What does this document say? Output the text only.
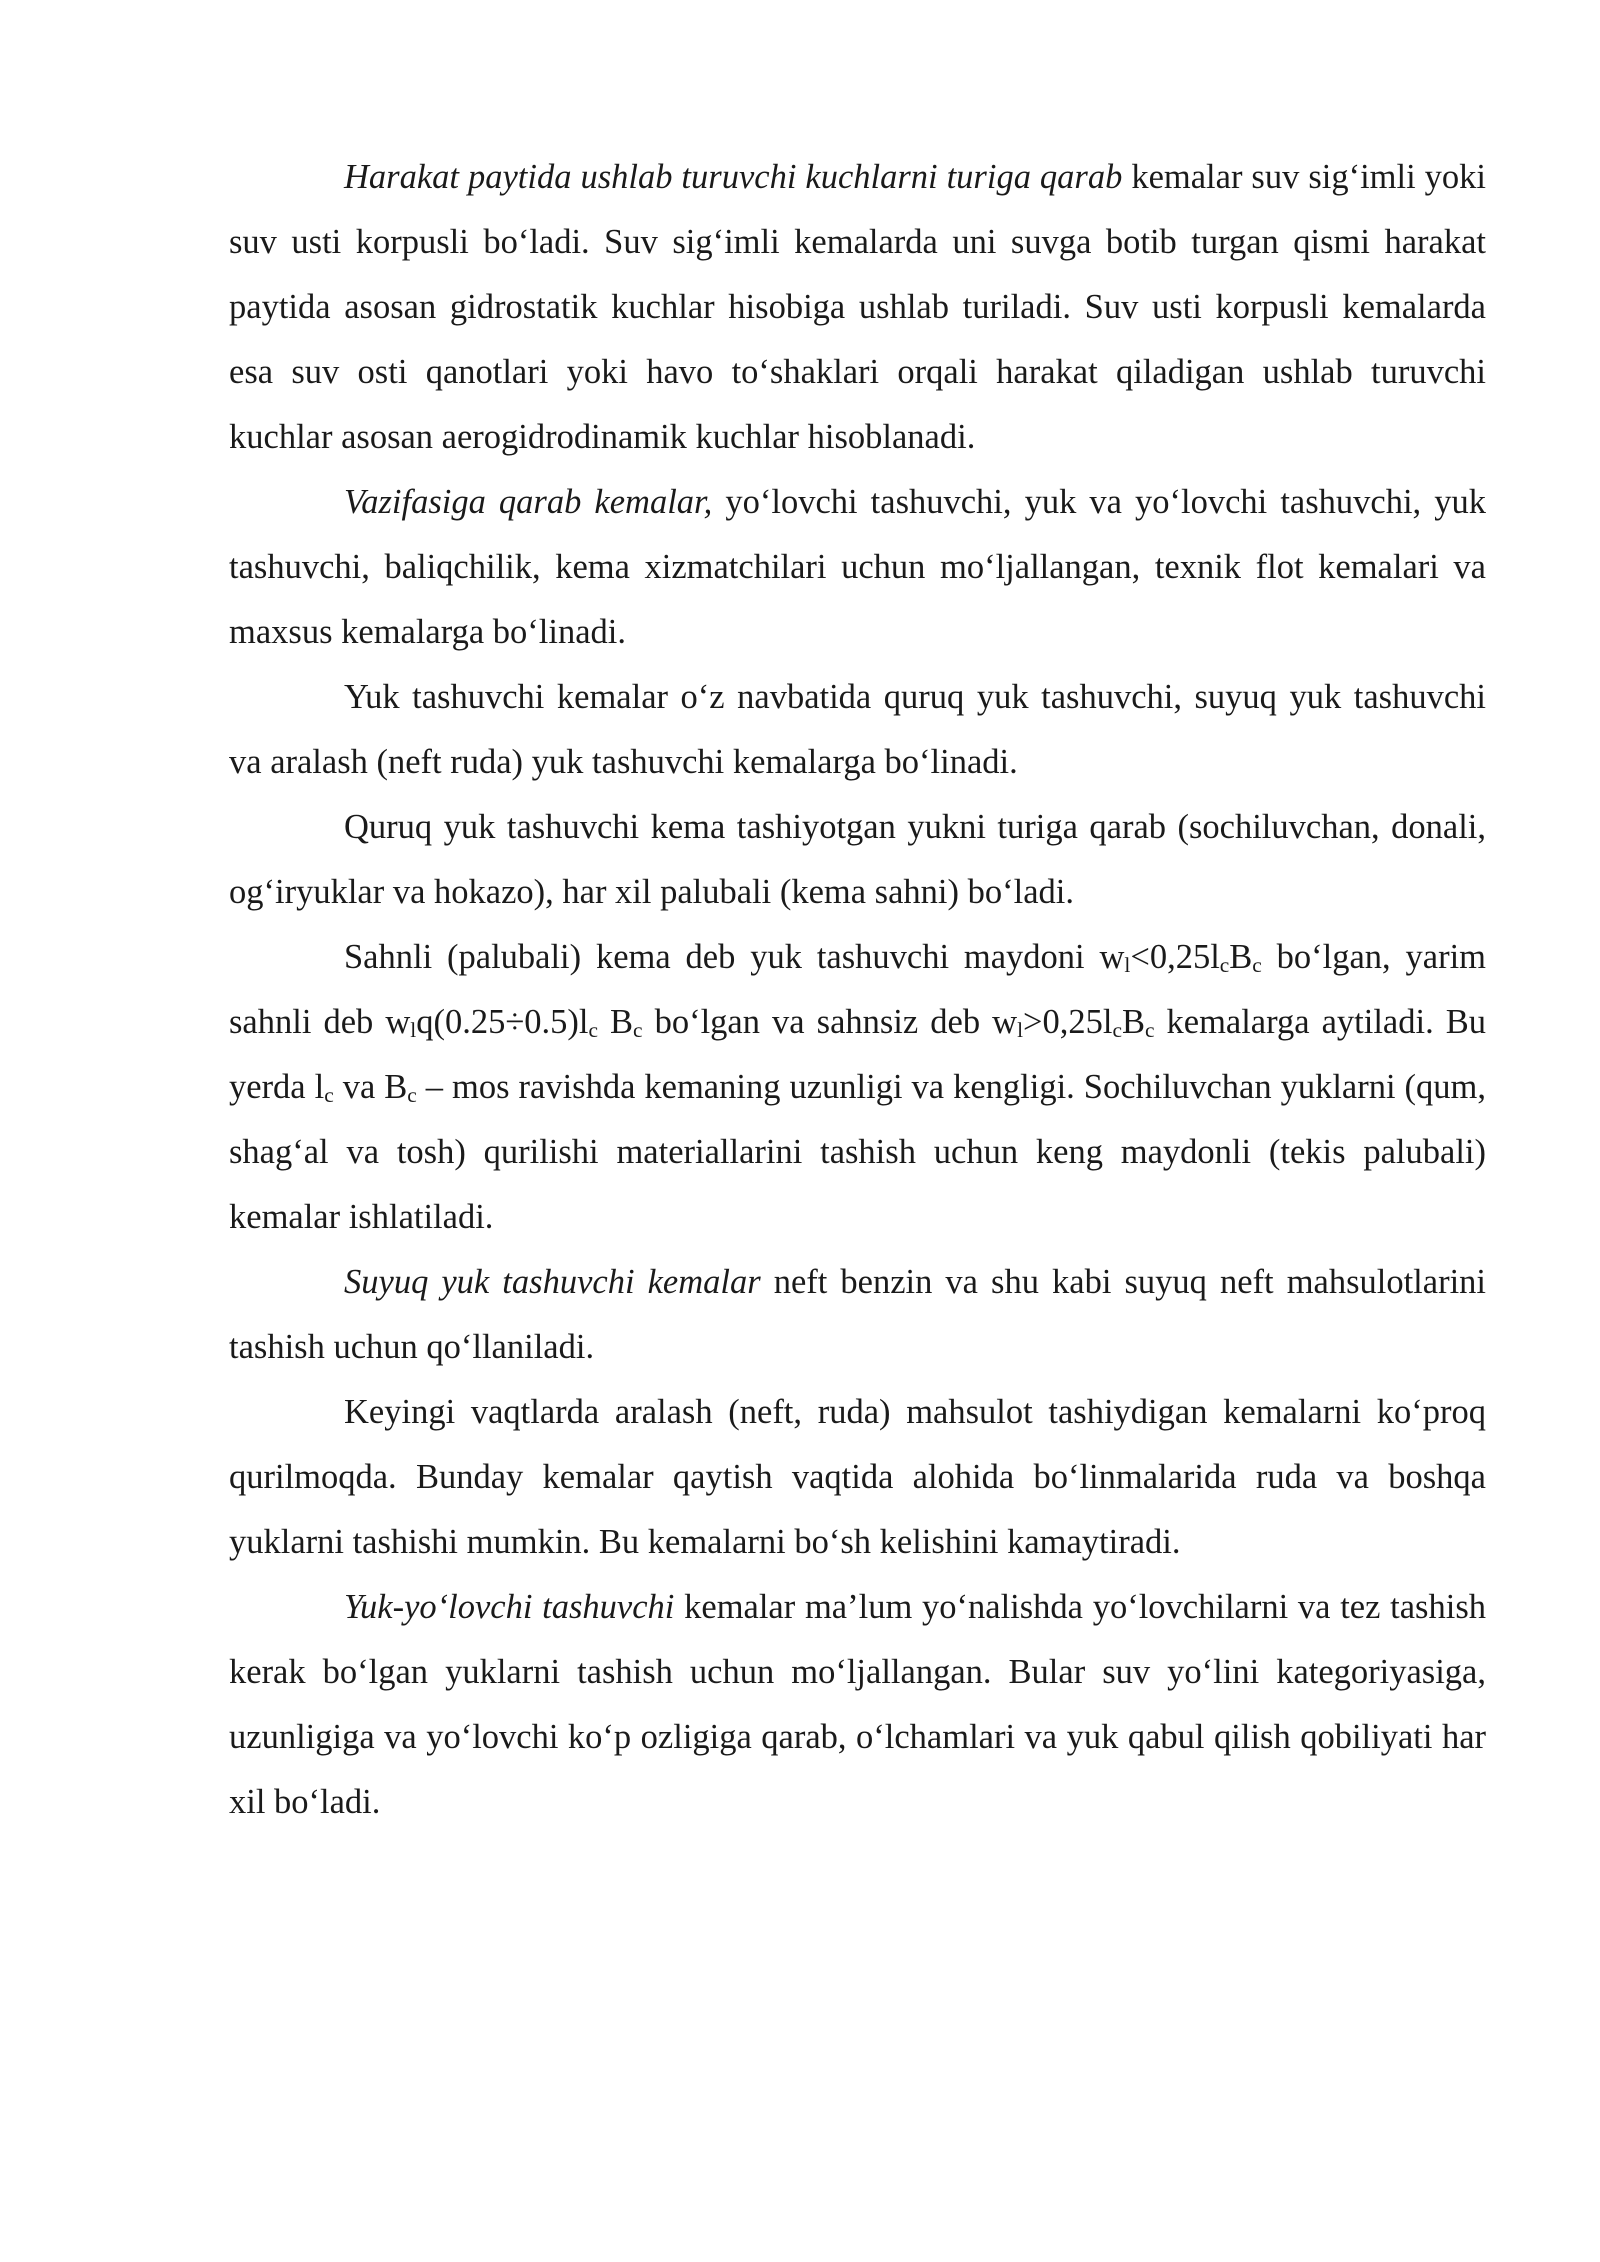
Harakat paytida ushlab turuvchi kuchlarni turiga qarab kemalar suv sig‘imli yoki suv usti korpusli bo‘ladi. Suv sig‘imli kemalarda uni suvga botib turgan qismi harakat paytida asosan gidrostatik kuchlar hisobiga ushlab turiladi. Suv usti korpusli kemalarda esa suv osti qanotlari yoki havo to‘shaklari orqali harakat qiladigan ushlab turuvchi kuchlar asosan aerogidrodinamik kuchlar hisoblanadi.

Vazifasiga qarab kemalar, yo‘lovchi tashuvchi, yuk va yo‘lovchi tashuvchi, yuk tashuvchi, baliqchilik, kema xizmatchilari uchun mo‘ljallangan, texnik flot kemalari va maxsus kemalarga bo‘linadi.

Yuk tashuvchi kemalar o‘z navbatida quruq yuk tashuvchi, suyuq yuk tashuvchi va aralash (neft ruda) yuk tashuvchi kemalarga bo‘linadi.

Quruq yuk tashuvchi kema tashiyotgan yukni turiga qarab (sochiluvchan, donali, og‘iryuklar va hokazo), har xil palubali (kema sahni) bo‘ladi.

Sahnli (palubali) kema deb yuk tashuvchi maydoni $w_l<0,25l_cB_c$ bo‘lgan, yarim sahnli deb $w_lq(0.25\div 0.5)l_c$ $B_c$ bo‘lgan va sahnsiz deb $w_l>0,25l_cB_c$ kemalarga aytiladi. Bu yerda $l_c$ va $B_c$ – mos ravishda kemaning uzunligi va kengligi. Sochiluvchan yuklarni (qum, shag‘al va tosh) qurilishi materiallarini tashish uchun keng maydonli (tekis palubali) kemalar ishlatiladi.

Suyuq yuk tashuvchi kemalar neft benzin va shu kabi suyuq neft mahsulotlarini tashish uchun qo‘llaniladi.

Keyingi vaqtlarda aralash (neft, ruda) mahsulot tashiydigan kemalarni ko‘proq qurilmoqda. Bunday kemalar qaytish vaqtida alohida bo‘linmalarida ruda va boshqa yuklarni tashishi mumkin. Bu kemalarni bo‘sh kelishini kamaytiradi.

Yuk-yo‘lovchi tashuvchi kemalar ma’lum yo‘nalishda yo‘lovchilarni va tez tashish kerak bo‘lgan yuklarni tashish uchun mo‘ljallangan. Bular suv yo‘lini kategoriyasiga, uzunligiga va yo‘lovchi ko‘p ozligiga qarab, o‘lchamlari va yuk qabul qilish qobiliyati har xil bo‘ladi.
